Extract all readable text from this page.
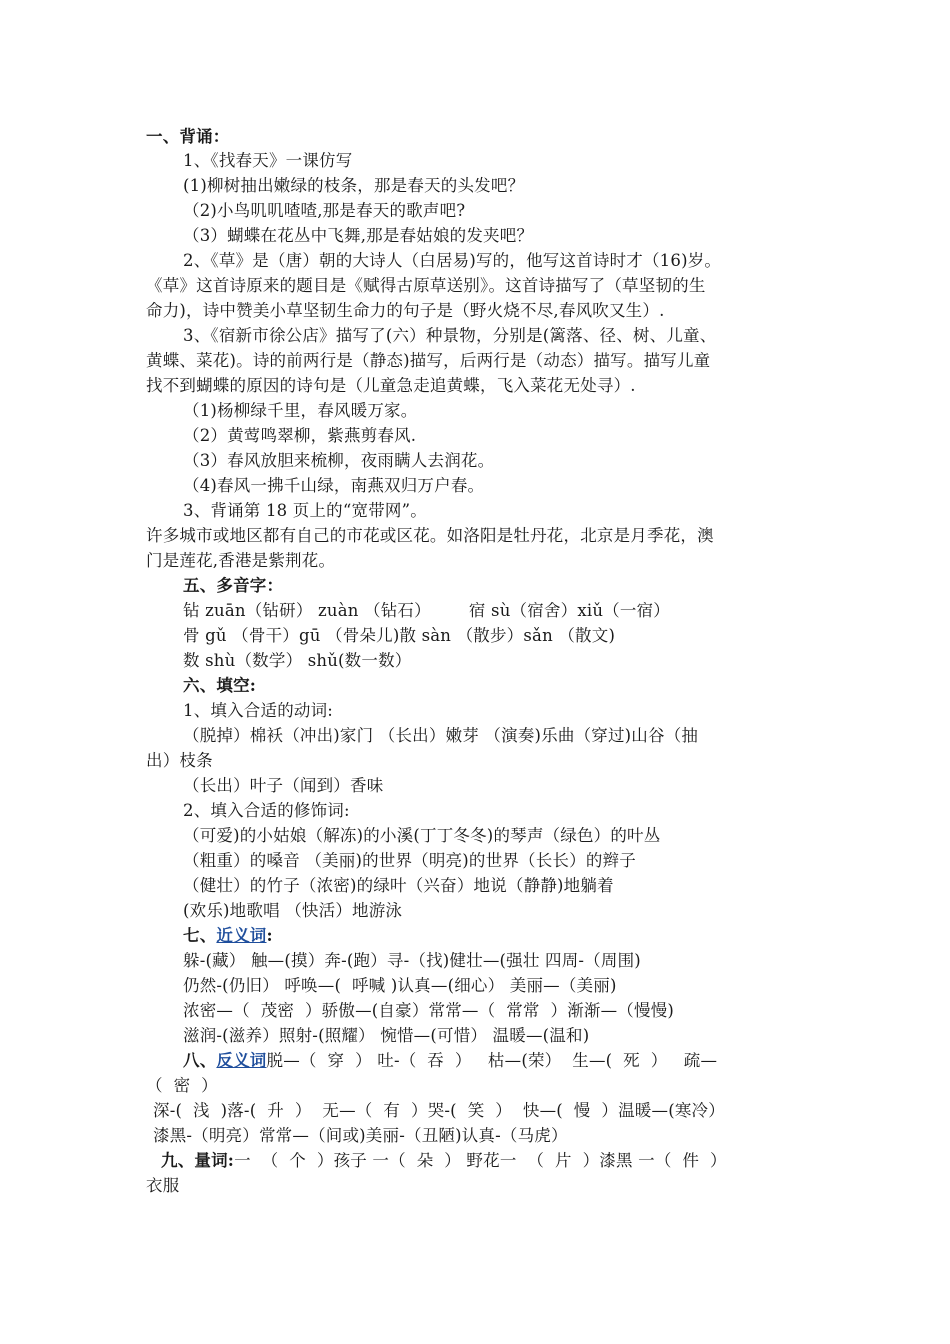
一、背诵：
1、《找春天》一课仿写
(1)柳树抽出嫩绿的枝条，那是春天的头发吧？
（2)小鸟叽叽喳喳,那是春天的歌声吧?
（3）蝴蝶在花丛中飞舞,那是春姑娘的发夹吧？
2、《草》是（唐）朝的大诗人（白居易)写的，他写这首诗时才（16)岁。
《草》这首诗原来的题目是《赋得古原草送别》。这首诗描写了（草坚韧的生
命力)，诗中赞美小草坚韧生命力的句子是（野火烧不尽,春风吹又生）.
3、《宿新市徐公店》描写了(六）种景物，分别是(篱落、径、树、儿童、
黄蝶、菜花)。诗的前两行是（静态)描写，后两行是（动态）描写。描写儿童
找不到蝴蝶的原因的诗句是（儿童急走追黄蝶，飞入菜花无处寻）.
（1)杨柳绿千里，春风暖万家。
（2）黄莺鸣翠柳，紫燕剪春风.
（3）春风放胆来梳柳，夜雨瞒人去润花。
（4)春风一拂千山绿，南燕双归万户春。
3、背诵第 18 页上的“宽带网”。
许多城市或地区都有自己的市花或区花。如洛阳是牡丹花，北京是月季花，澳
门是莲花,香港是紫荆花。
五、多音字：
钻 zuān（钻研） zuàn （钻石）       宿 sù（宿舍）xiǔ（一宿）
骨 gǔ （骨干）gū （骨朵儿)散 sàn （散步）sǎn （散文)
数 shù（数学） shǔ(数一数）
六、填空:
1、填入合适的动词:
（脱掉）棉袄（冲出)家门 （长出）嫩芽 （演奏)乐曲（穿过)山谷（抽
出）枝条
（长出）叶子（闻到）香味
2、填入合适的修饰词:
（可爱)的小姑娘（解冻)的小溪(丁丁冬冬)的琴声（绿色）的叶丛
（粗重）的嗓音 （美丽)的世界（明亮)的世界（长长）的辫子
（健壮）的竹子（浓密)的绿叶（兴奋）地说（静静)地躺着
(欢乐)地歌唱 （快活）地游泳
七、近义词:
躲-(藏） 触—(摸）奔-(跑）寻-（找)健壮—(强壮 四周-（周围)
仍然-(仍旧） 呼唤—(  呼喊 )认真—(细心） 美丽—（美丽)
浓密—（  茂密  ）骄傲—(自豪）常常—（  常常  ）渐渐—（慢慢)
滋润-(滋养）照射-(照耀） 惋惜—(可惜） 温暖—(温和)
八、反义词脱—（  穿  ） 吐-（  吞  ）   枯—(荣）  生—(  死  ）   疏—
（  密  ）
深-(  浅  )落-(  升  ）  无—（  有  ）哭-(  笑  ）  快—(  慢  ）温暖—(寒冷）
漆黑-（明亮）常常—（间或)美丽-（丑陋)认真-（马虎）
九、量词:一  （  个  ）孩子 一（  朵  ） 野花一  （  片  ）漆黑 一（  件  ）
衣服
